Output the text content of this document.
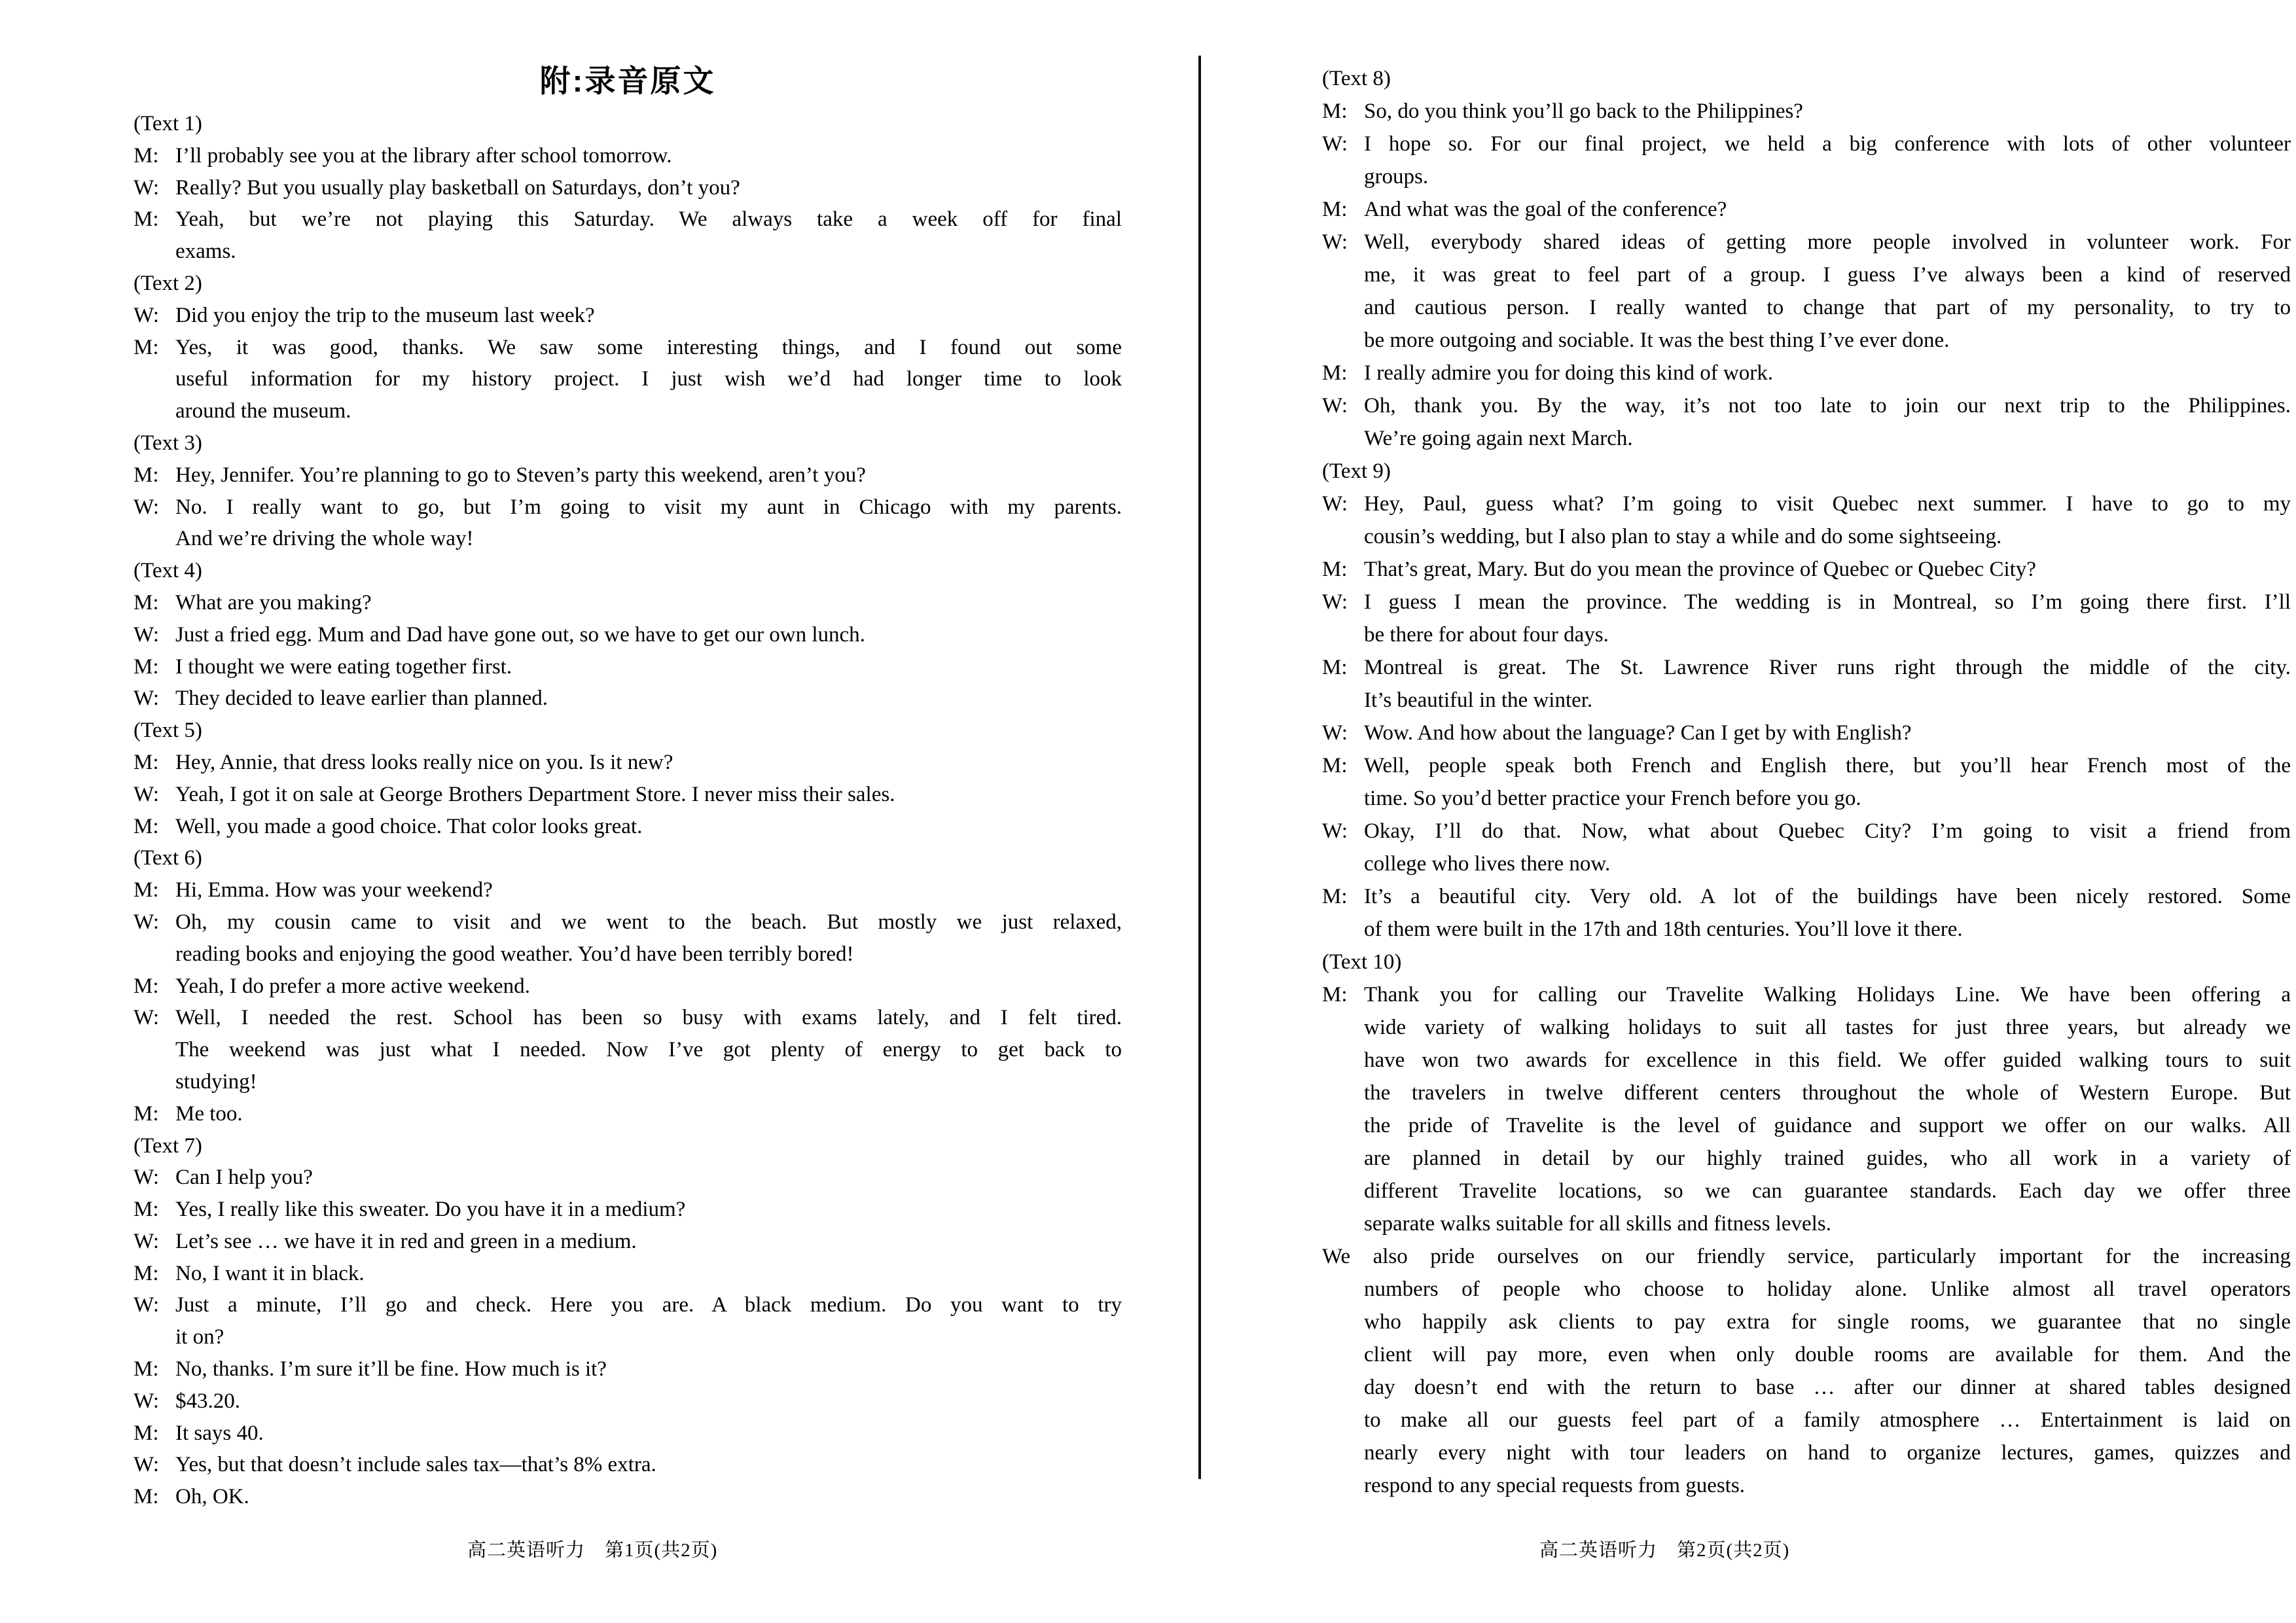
附:录音原文
(Text 1)
M: I’ll probably see you at the library after school tomorrow.
W: Really? But you usually play basketball on Saturdays, don’t you?
M: Yeah, but we’re not playing this Saturday. We always take a week off for final
exams.
(Text 2)
W: Did you enjoy the trip to the museum last week?
M: Yes, it was good, thanks. We saw some interesting things, and I found out some
useful information for my history project. I just wish we’d had longer time to look
around the museum.
(Text 3)
M: Hey, Jennifer. You’re planning to go to Steven’s party this weekend, aren’t you?
W: No. I really want to go, but I’m going to visit my aunt in Chicago with my parents.
And we’re driving the whole way!
(Text 4)
M: What are you making?
W: Just a fried egg. Mum and Dad have gone out, so we have to get our own lunch.
M: I thought we were eating together first.
W: They decided to leave earlier than planned.
(Text 5)
M: Hey, Annie, that dress looks really nice on you. Is it new?
W: Yeah, I got it on sale at George Brothers Department Store. I never miss their sales.
M: Well, you made a good choice. That color looks great.
(Text 6)
M: Hi, Emma. How was your weekend?
W: Oh, my cousin came to visit and we went to the beach. But mostly we just relaxed,
reading books and enjoying the good weather. You’d have been terribly bored!
M: Yeah, I do prefer a more active weekend.
W: Well, I needed the rest. School has been so busy with exams lately, and I felt tired.
The weekend was just what I needed. Now I’ve got plenty of energy to get back to
studying!
M: Me too.
(Text 7)
W: Can I help you?
M: Yes, I really like this sweater. Do you have it in a medium?
W: Let’s see … we have it in red and green in a medium.
M: No, I want it in black.
W: Just a minute, I’ll go and check. Here you are. A black medium. Do you want to try
it on?
M: No, thanks. I’m sure it’ll be fine. How much is it?
W: $43.20.
M: It says 40.
W: Yes, but that doesn’t include sales tax—that’s 8% extra.
M: Oh, OK.
(Text 8)
M: So, do you think you’ll go back to the Philippines?
W: I hope so. For our final project, we held a big conference with lots of other volunteer
groups.
M: And what was the goal of the conference?
W: Well, everybody shared ideas of getting more people involved in volunteer work. For
me, it was great to feel part of a group. I guess I’ve always been a kind of reserved
and cautious person. I really wanted to change that part of my personality, to try to
be more outgoing and sociable. It was the best thing I’ve ever done.
M: I really admire you for doing this kind of work.
W: Oh, thank you. By the way, it’s not too late to join our next trip to the Philippines.
We’re going again next March.
(Text 9)
W: Hey, Paul, guess what? I’m going to visit Quebec next summer. I have to go to my
cousin’s wedding, but I also plan to stay a while and do some sightseeing.
M: That’s great, Mary. But do you mean the province of Quebec or Quebec City?
W: I guess I mean the province. The wedding is in Montreal, so I’m going there first. I’ll
be there for about four days.
M: Montreal is great. The St. Lawrence River runs right through the middle of the city.
It’s beautiful in the winter.
W: Wow. And how about the language? Can I get by with English?
M: Well, people speak both French and English there, but you’ll hear French most of the
time. So you’d better practice your French before you go.
W: Okay, I’ll do that. Now, what about Quebec City? I’m going to visit a friend from
college who lives there now.
M: It’s a beautiful city. Very old. A lot of the buildings have been nicely restored. Some
of them were built in the 17th and 18th centuries. You’ll love it there.
(Text 10)
M: Thank you for calling our Travelite Walking Holidays Line. We have been offering a
wide variety of walking holidays to suit all tastes for just three years, but already we
have won two awards for excellence in this field. We offer guided walking tours to suit
the travelers in twelve different centers throughout the whole of Western Europe. But
the pride of Travelite is the level of guidance and support we offer on our walks. All
are planned in detail by our highly trained guides, who all work in a variety of
different Travelite locations, so we can guarantee standards. Each day we offer three
separate walks suitable for all skills and fitness levels.
We also pride ourselves on our friendly service, particularly important for the increasing
numbers of people who choose to holiday alone. Unlike almost all travel operators
who happily ask clients to pay extra for single rooms, we guarantee that no single
client will pay more, even when only double rooms are available for them. And the
day doesn’t end with the return to base … after our dinner at shared tables designed
to make all our guests feel part of a family atmosphere … Entertainment is laid on
nearly every night with tour leaders on hand to organize lectures, games, quizzes and
respond to any special requests from guests.
高二英语听力　第1页(共2页)	高二英语听力　第2页(共2页)
